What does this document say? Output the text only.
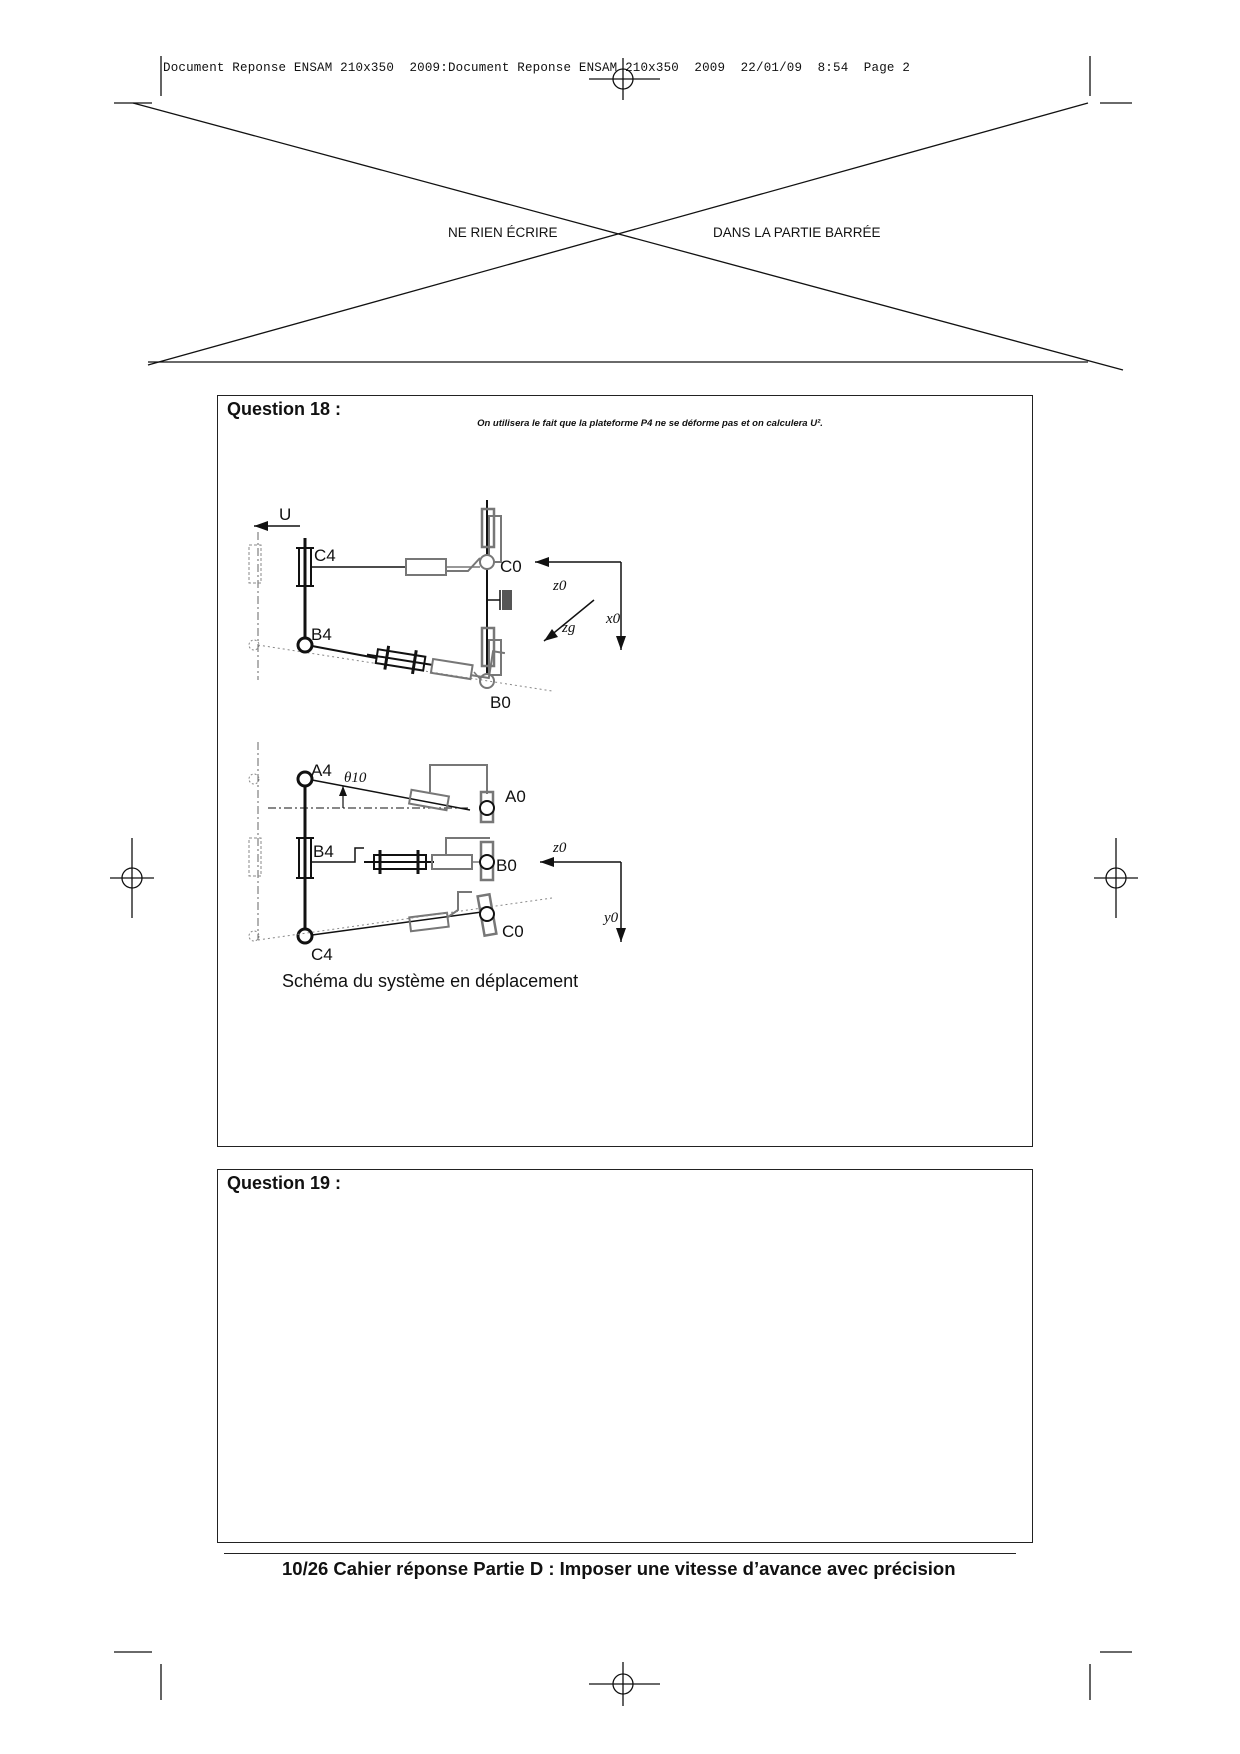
Document Reponse ENSAM 210x350  2009:Document Reponse ENSAM 210x350  2009  22/01/09  8:54  Page 2
NE RIEN ÉCRIRE	DANS LA PARTIE BARRÉE
Question 18 :
On utilisera le fait que la plateforme P4 ne se déforme pas et on calculera U².
U
C4
C0
B0
B4
z0
x0
zg
A4 θ10
A0
B4
B0
C4
C0
z0
y0
Schéma du système en déplacement
Question 19 :
10/26 Cahier réponse Partie D : Imposer une vitesse d’avance avec précision
